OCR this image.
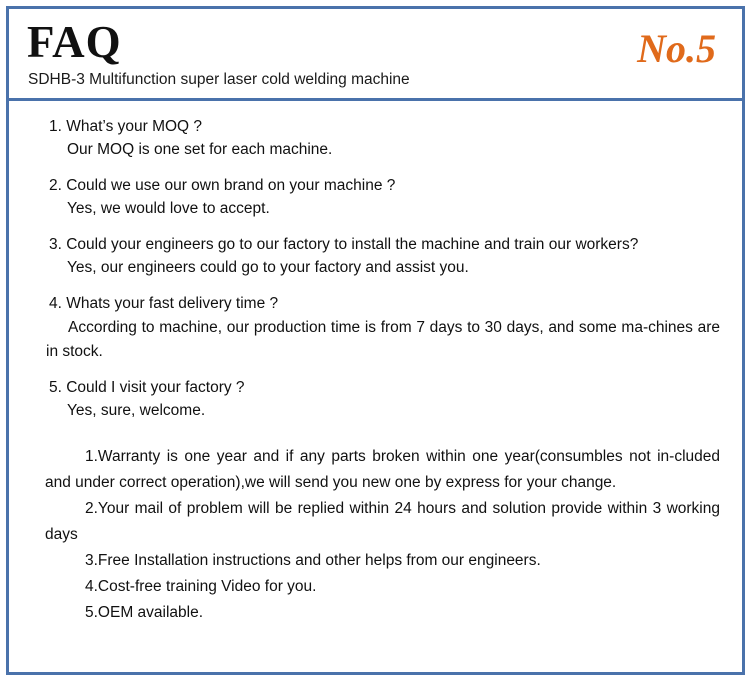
FAQ
SDHB-3 Multifunction super laser cold welding machine
No.5
1. What’s your MOQ ?
Our MOQ is one set for each machine.
2. Could we use our own brand on your machine ?
Yes, we would love to accept.
3. Could your engineers go to our factory to install the machine and train our workers?
Yes, our engineers could go to your factory and assist you.
4. Whats your fast delivery time ?
According to machine, our production time is from 7 days to 30 days, and some ma-chines are in stock.
5. Could I visit your factory ?
Yes, sure, welcome.
1.Warranty is one year and if any parts broken within one year(consumbles not in-cluded and under correct operation),we will send you new one by express for your change.
2.Your mail of problem will be replied within 24 hours and solution provide within 3 working days
3.Free Installation instructions and other helps from our engineers.
4.Cost-free training Video for you.
5.OEM available.
